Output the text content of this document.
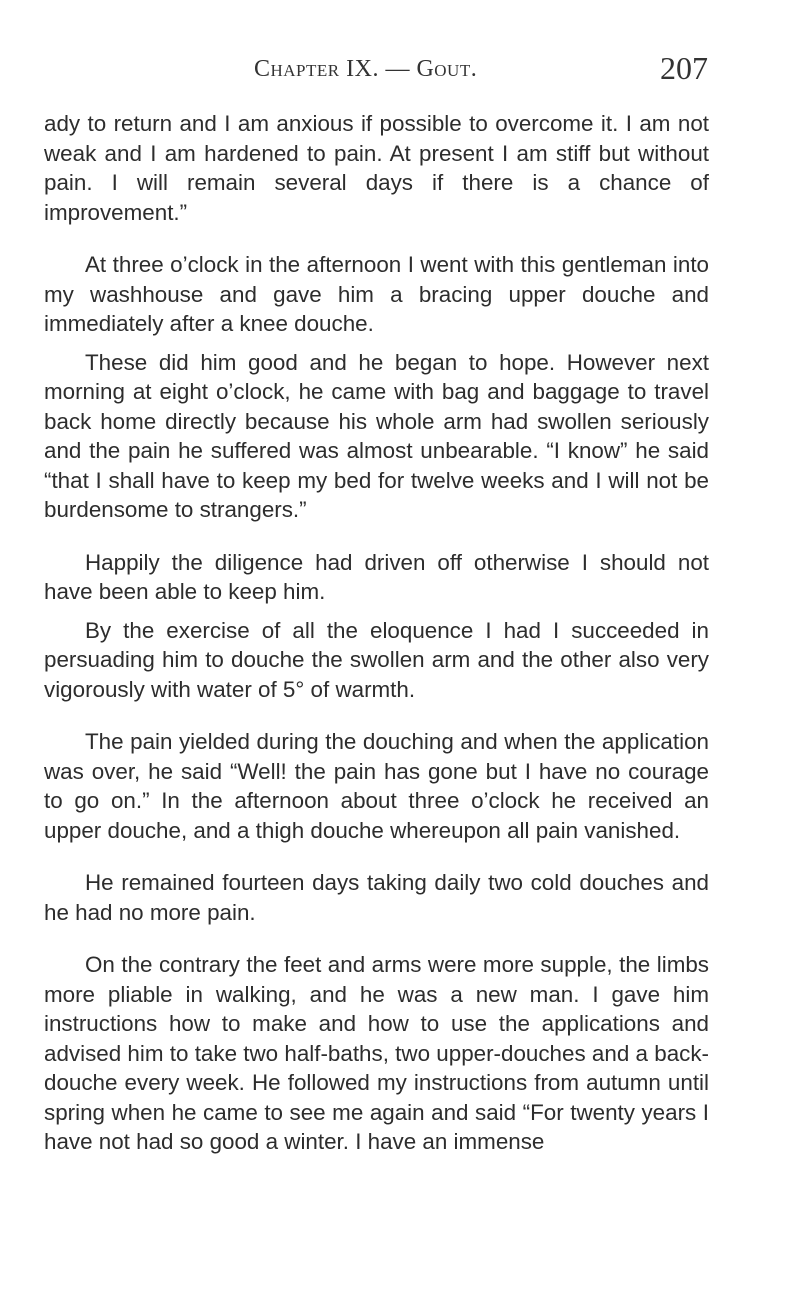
Chapter IX. — Gout.	207

ady to return and I am anxious if possible to overcome it. I am not weak and I am hardened to pain. At present I am stiff but without pain. I will remain several days if there is a chance of improvement.”

At three o’clock in the afternoon I went with this gentleman into my washhouse and gave him a bracing upper douche and immediately after a knee douche.

These did him good and he began to hope. However next morning at eight o’clock, he came with bag and baggage to travel back home directly because his whole arm had swollen seriously and the pain he suffered was almost unbearable. “I know” he said “that I shall have to keep my bed for twelve weeks and I will not be burdensome to strangers.”

Happily the diligence had driven off otherwise I should not have been able to keep him.

By the exercise of all the eloquence I had I succeeded in persuading him to douche the swollen arm and the other also very vigorously with water of 5° of warmth.

The pain yielded during the douching and when the application was over, he said “Well! the pain has gone but I have no courage to go on.” In the afternoon about three o’clock he received an upper douche, and a thigh douche whereupon all pain vanished.

He remained fourteen days taking daily two cold douches and he had no more pain.

On the contrary the feet and arms were more supple, the limbs more pliable in walking, and he was a new man. I gave him instructions how to make and how to use the applications and advised him to take two half-baths, two upper-douches and a back-douche every week. He followed my instructions from autumn until spring when he came to see me again and said “For twenty years I have not had so good a winter. I have an immense
